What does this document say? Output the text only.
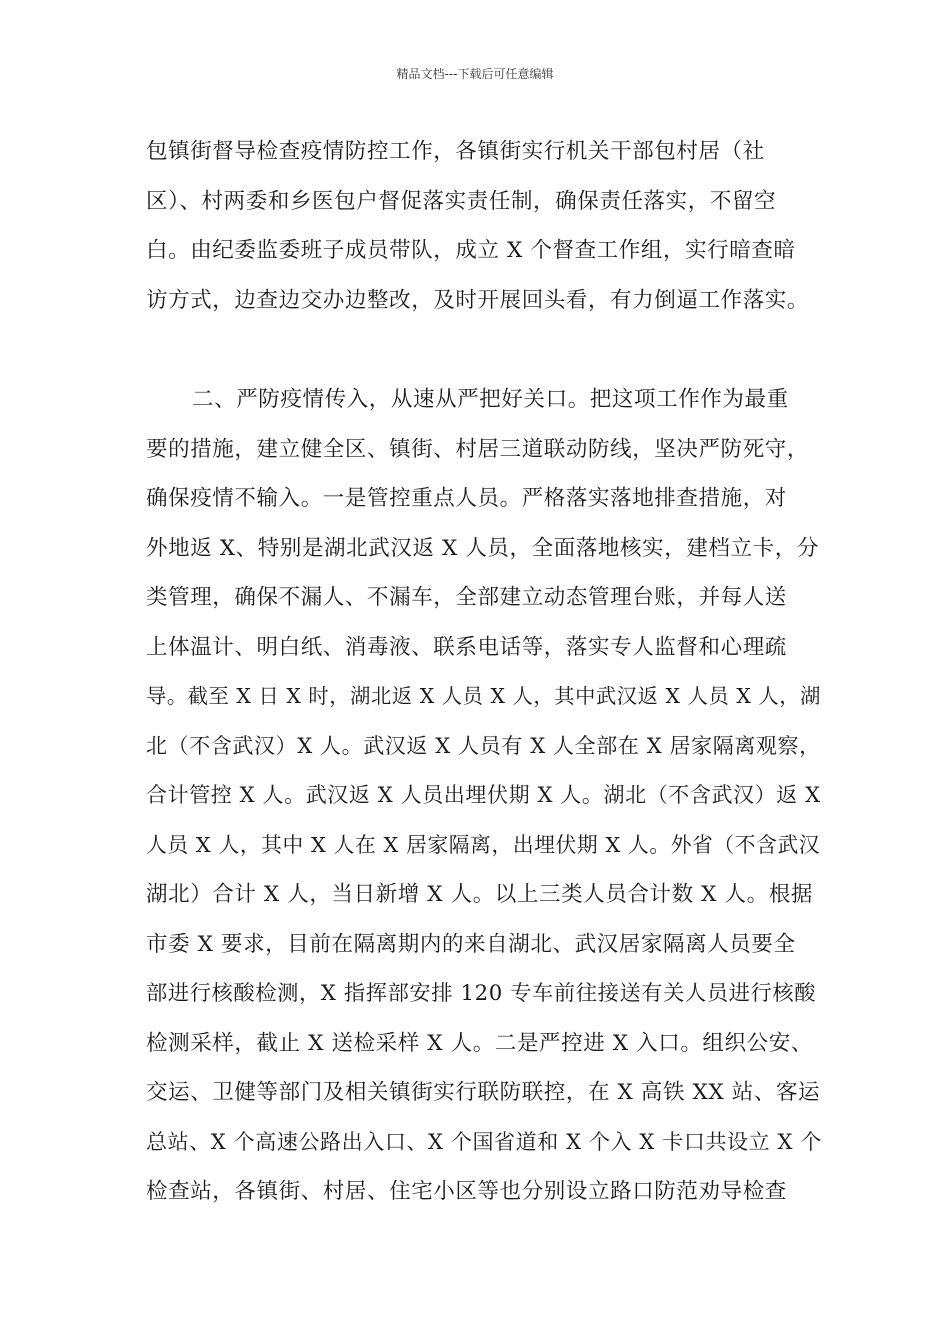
精品文档---下载后可任意编辑
包镇街督导检查疫情防控工作，各镇街实行机关干部包村居（社
区）、村两委和乡医包户督促落实责任制，确保责任落实，不留空
白。由纪委监委班子成员带队，成立 X 个督查工作组，实行暗查暗
访方式，边查边交办边整改，及时开展回头看，有力倒逼工作落实。
二、严防疫情传入，从速从严把好关口。把这项工作作为最重
要的措施，建立健全区、镇街、村居三道联动防线，坚决严防死守，
确保疫情不输入。一是管控重点人员。严格落实落地排查措施，对
外地返 X、特别是湖北武汉返 X 人员，全面落地核实，建档立卡，分
类管理，确保不漏人、不漏车，全部建立动态管理台账，并每人送
上体温计、明白纸、消毒液、联系电话等，落实专人监督和心理疏
导。截至 X 日 X 时，湖北返 X 人员 X 人，其中武汉返 X 人员 X 人，湖
北（不含武汉）X 人。武汉返 X 人员有 X 人全部在 X 居家隔离观察，
合计管控 X 人。武汉返 X 人员出埋伏期 X 人。湖北（不含武汉）返 X
人员 X 人，其中 X 人在 X 居家隔离，出埋伏期 X 人。外省（不含武汉
湖北）合计 X 人，当日新增 X 人。以上三类人员合计数 X 人。根据
市委 X 要求，目前在隔离期内的来自湖北、武汉居家隔离人员要全
部进行核酸检测，X 指挥部安排 120 专车前往接送有关人员进行核酸
检测采样，截止 X 送检采样 X 人。二是严控进 X 入口。组织公安、
交运、卫健等部门及相关镇街实行联防联控，在 X 高铁 XX 站、客运
总站、X 个高速公路出入口、X 个国省道和 X 个入 X 卡口共设立 X 个
检查站，各镇街、村居、住宅小区等也分别设立路口防范劝导检查
